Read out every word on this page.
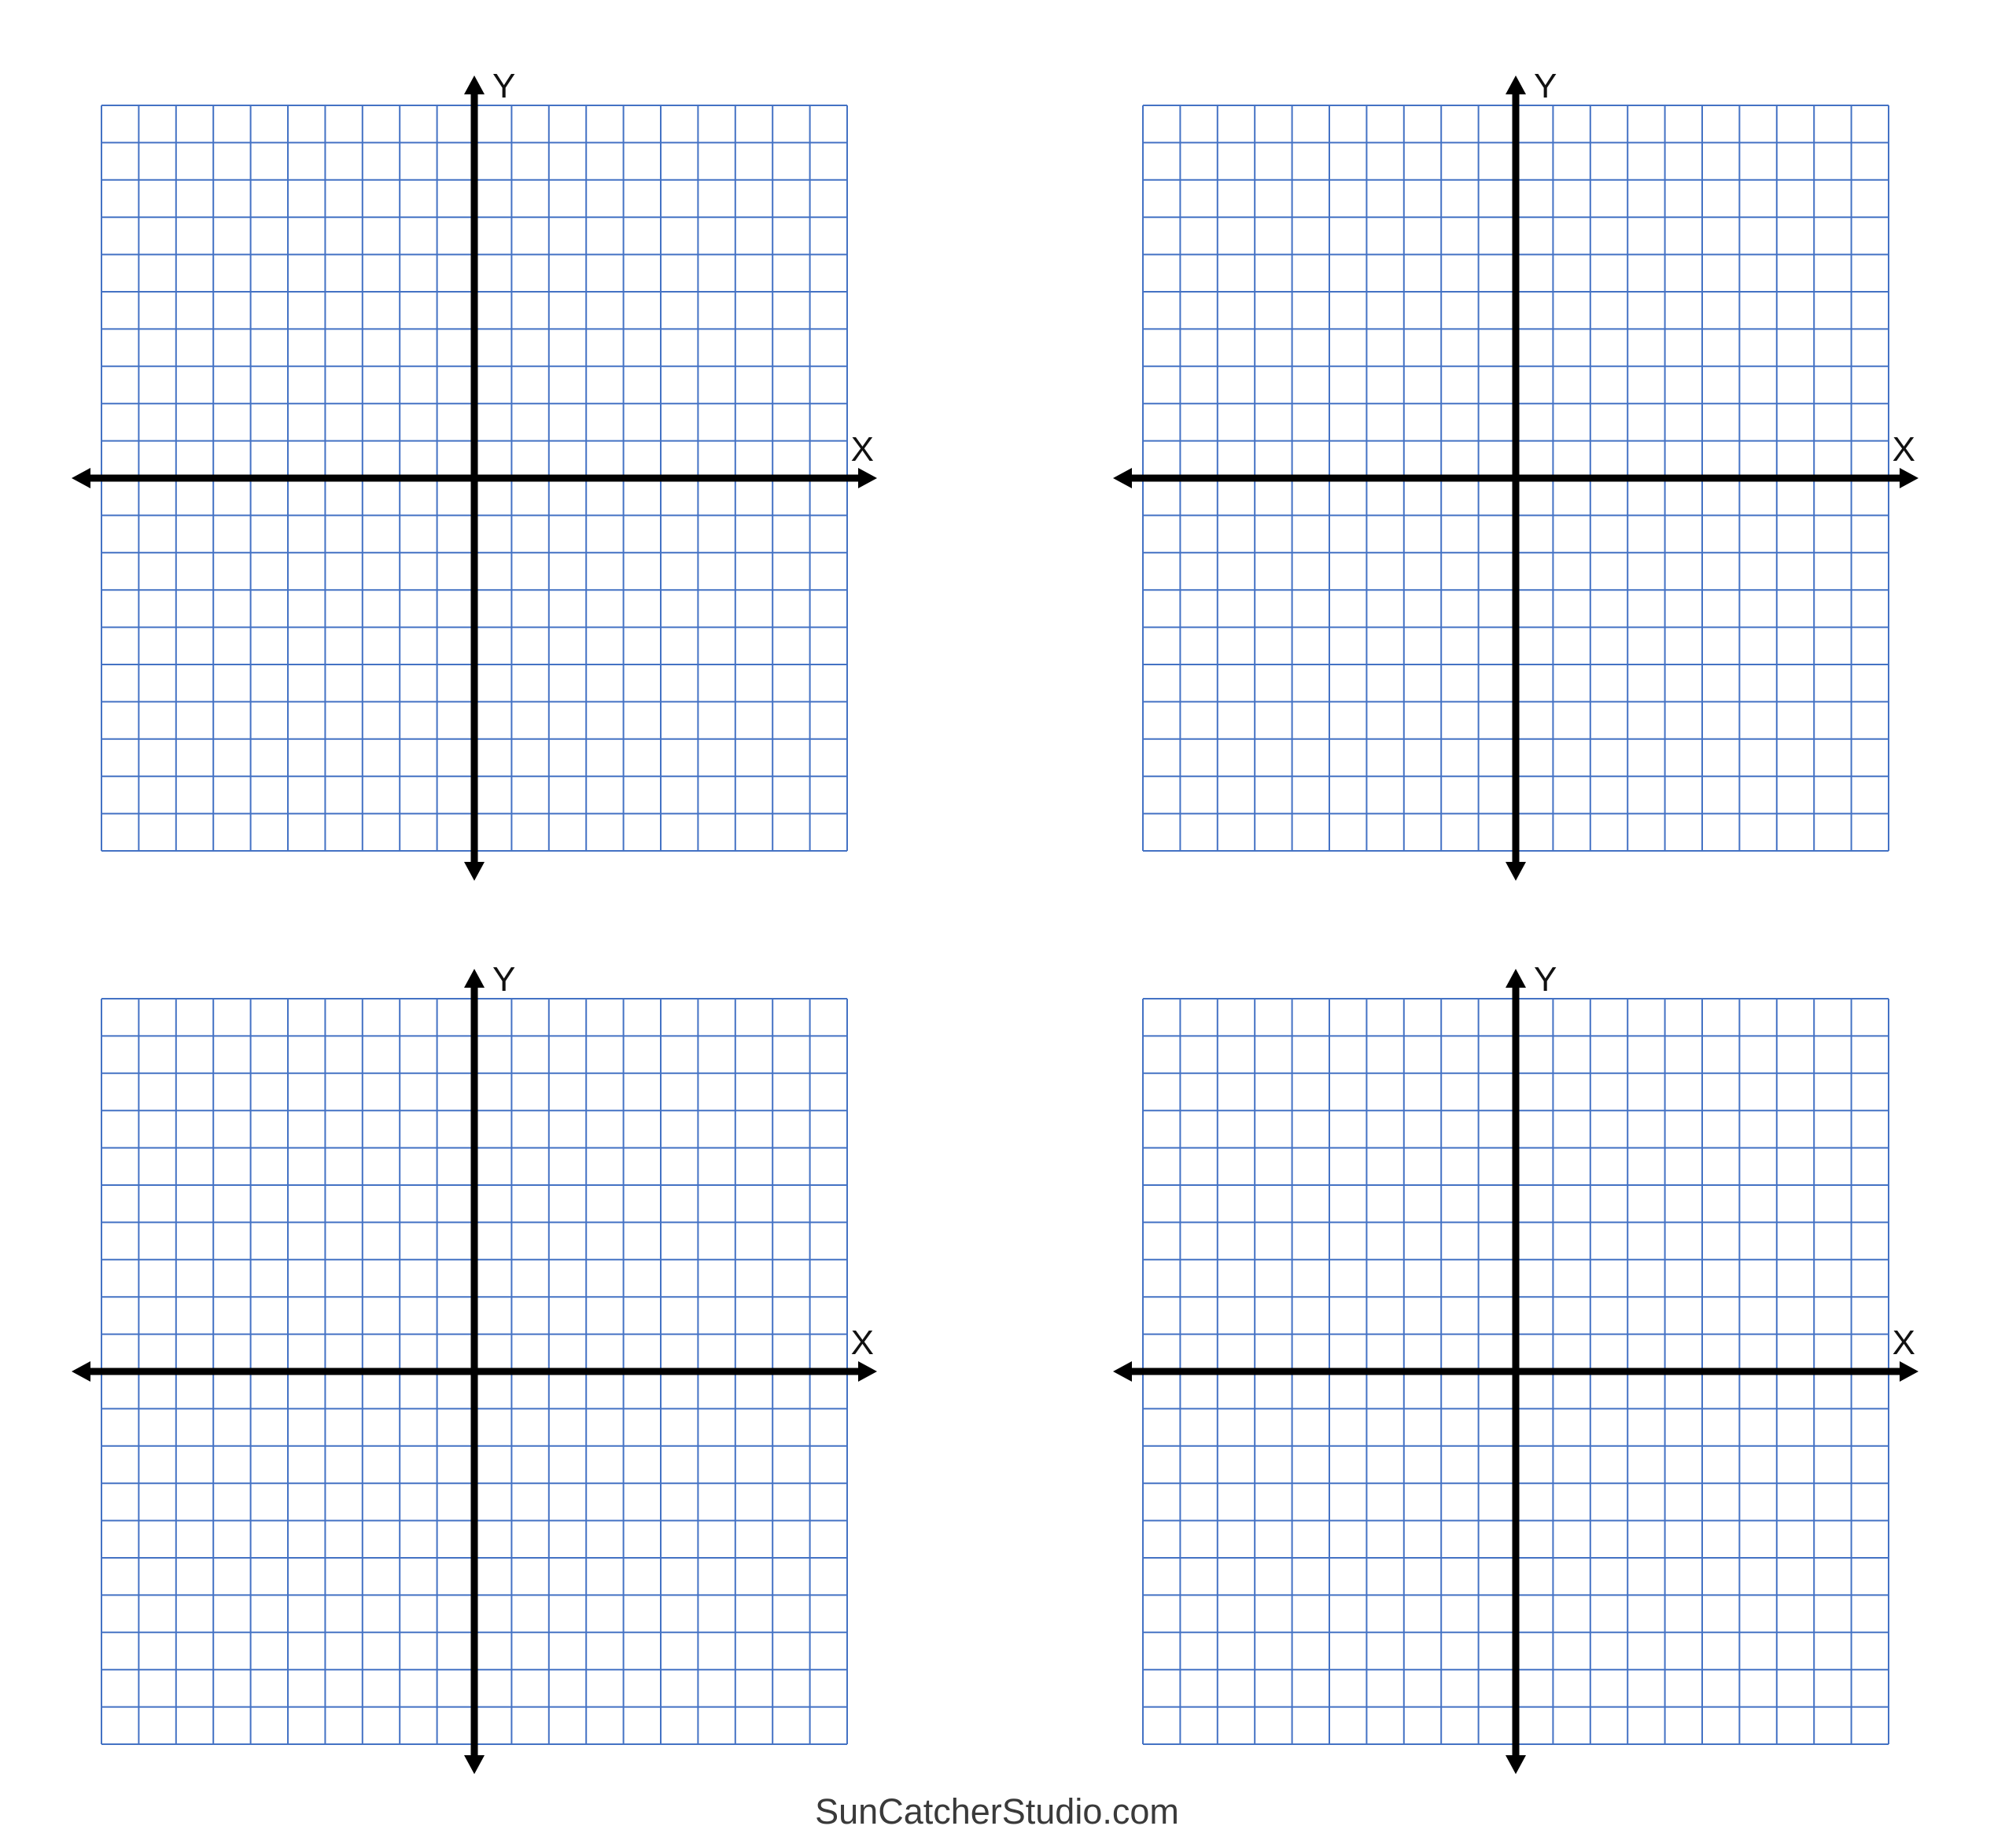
Y
X
Y
X
Y
X
Y
X
SunCatcherStudio.com
